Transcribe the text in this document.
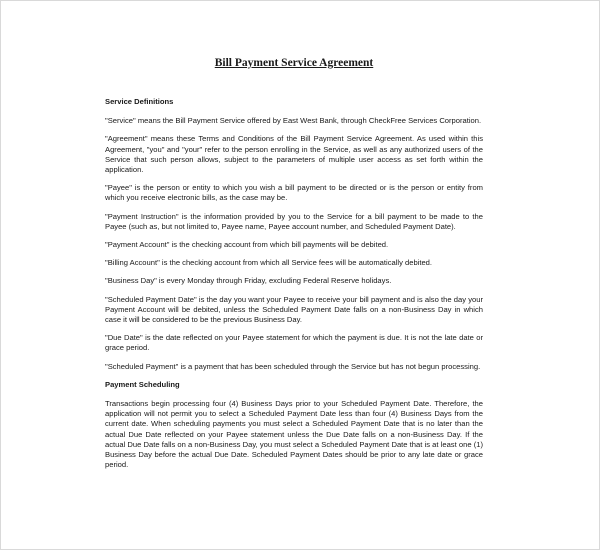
Bill Payment Service Agreement
Service Definitions

"Service" means the Bill Payment Service offered by East West Bank, through CheckFree Services Corporation.

"Agreement" means these Terms and Conditions of the Bill Payment Service Agreement. As used within this Agreement, "you" and "your" refer to the person enrolling in the Service, as well as any authorized users of the Service that such person allows, subject to the parameters of multiple user access as set forth within the application.

"Payee" is the person or entity to which you wish a bill payment to be directed or is the person or entity from which you receive electronic bills, as the case may be.

"Payment Instruction" is the information provided by you to the Service for a bill payment to be made to the Payee (such as, but not limited to, Payee name, Payee account number, and Scheduled Payment Date).

"Payment Account" is the checking account from which bill payments will be debited.

"Billing Account" is the checking account from which all Service fees will be automatically debited.

"Business Day" is every Monday through Friday, excluding Federal Reserve holidays.

"Scheduled Payment Date" is the day you want your Payee to receive your bill payment and is also the day your Payment Account will be debited, unless the Scheduled Payment Date falls on a non-Business Day in which case it will be considered to be the previous Business Day.

"Due Date" is the date reflected on your Payee statement for which the payment is due. It is not the late date or grace period.

"Scheduled Payment" is a payment that has been scheduled through the Service but has not begun processing.

Payment Scheduling

Transactions begin processing four (4) Business Days prior to your Scheduled Payment Date. Therefore, the application will not permit you to select a Scheduled Payment Date less than four (4) Business Days from the current date. When scheduling payments you must select a Scheduled Payment Date that is no later than the actual Due Date reflected on your Payee statement unless the Due Date falls on a non-Business Day. If the actual Due Date falls on a non-Business Day, you must select a Scheduled Payment Date that is at least one (1) Business Day before the actual Due Date. Scheduled Payment Dates should be prior to any late date or grace period.
